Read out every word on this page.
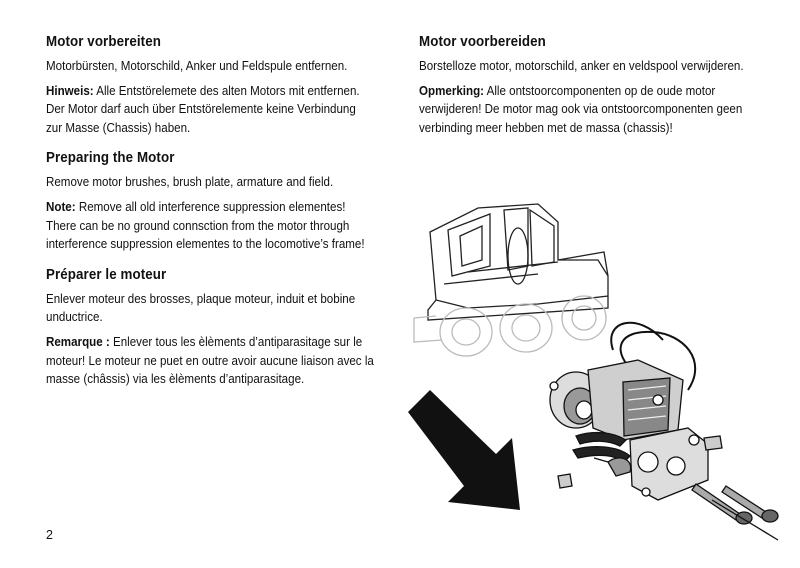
Motor vorbereiten

Motorbürsten, Motorschild, Anker und Feldspule entfernen.

Hinweis: Alle Entstörelemete des alten Motors mit entfernen. Der Motor darf auch über Entstörelemente keine Verbindung zur Masse (Chassis) haben.

Preparing the Motor

Remove motor brushes, brush plate, armature and field.

Note: Remove all old interference suppression elementes! There can be no ground connsction from the motor through interference suppression elementes to the locomotive’s frame!

Préparer le moteur

Enlever moteur des brosses, plaque moteur, induit et bobine unductrice.

Remarque : Enlever tous les èlèments d’antiparasitage sur le moteur! Le moteur ne puet en outre avoir aucune liaison avec la masse (châssis) via les èlèments d’antiparasitage.

Motor voorbereiden

Borstelloze motor, motorschild, anker en veldspool verwijderen.

Opmerking: Alle ontstoorcomponenten op de oude motor verwijderen! De motor mag ook via ontstoorcomponenten geen verbinding meer hebben met de massa (chassis)!

2
